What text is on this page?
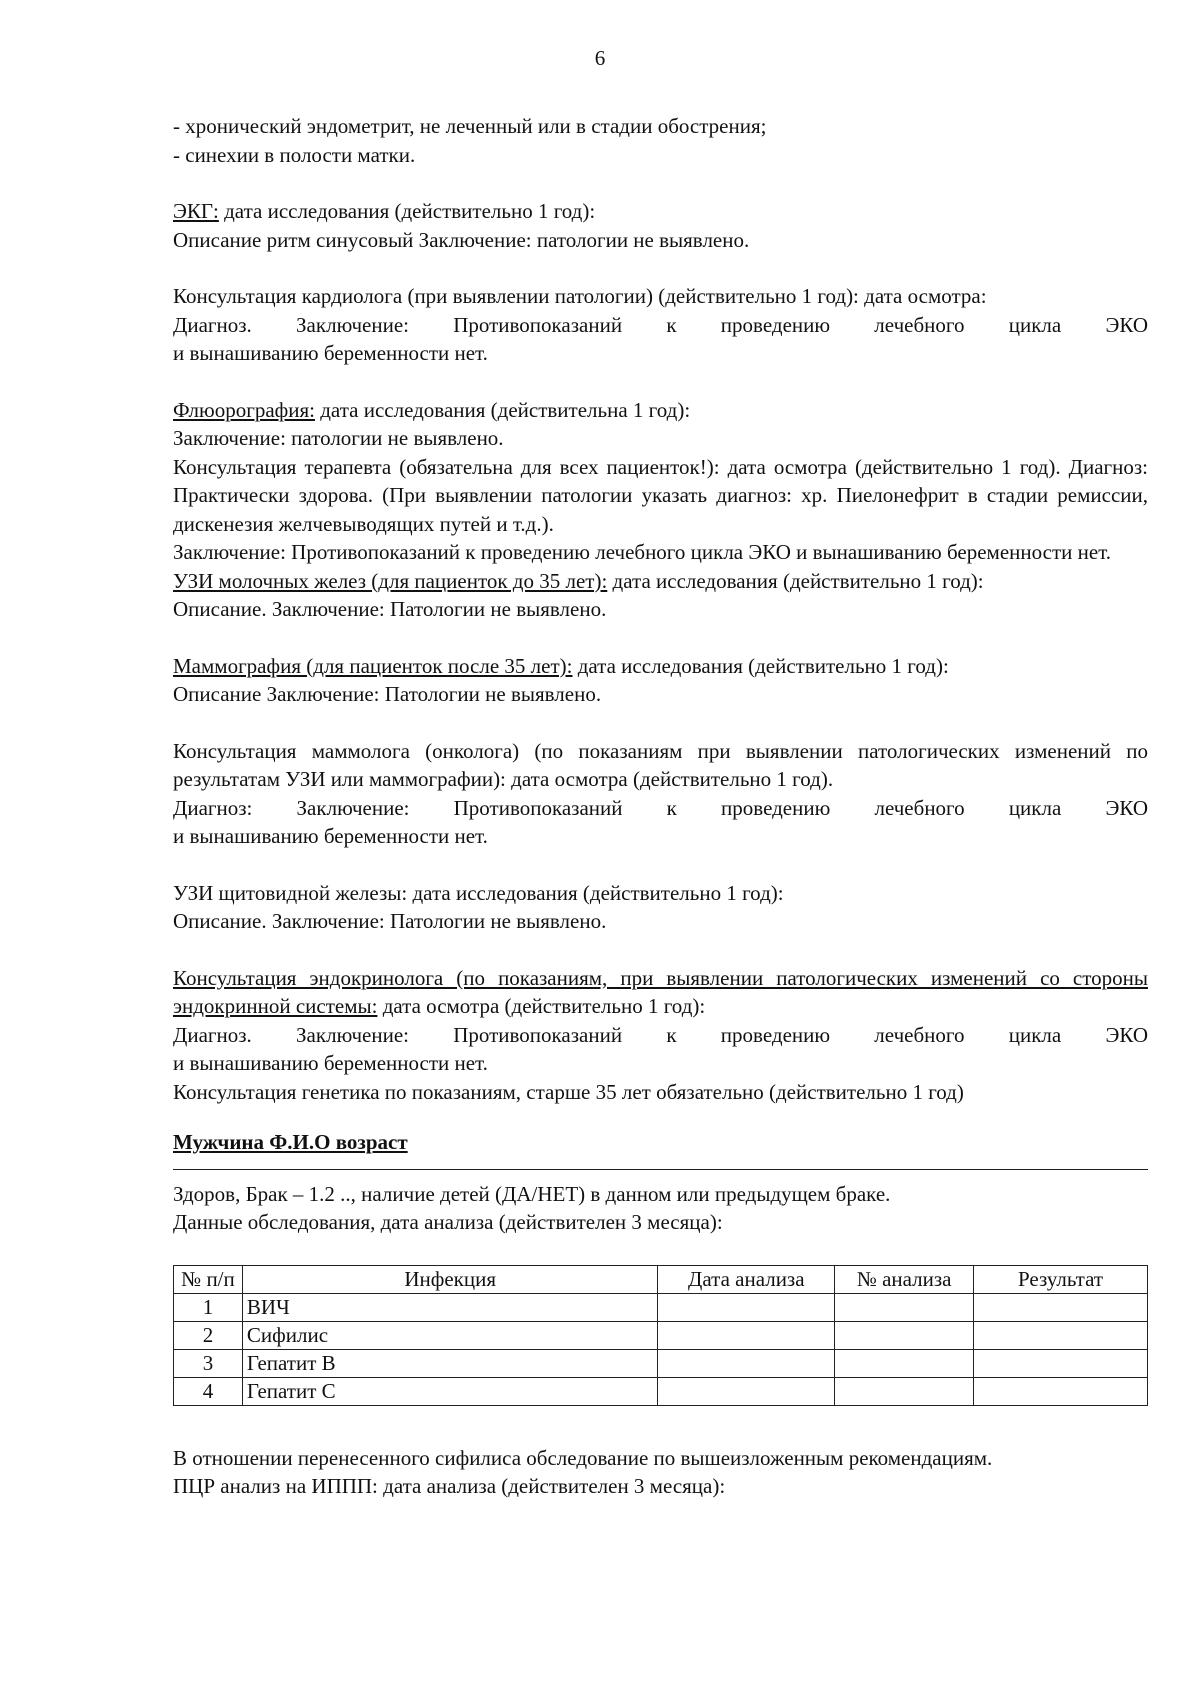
6

- хронический эндометрит, не леченный или в стадии обострения;

- синехии в полости матки.

ЭКГ: дата исследования (действительно 1 год):

Описание ритм синусовый Заключение: патологии не выявлено.

Консультация кардиолога (при выявлении патологии) (действительно 1 год): дата осмотра:

Диагноз. Заключение: Противопоказаний к проведению лечебного цикла ЭКО

и вынашиванию беременности нет.

Флюорография: дата исследования (действительна 1 год):

Заключение: патологии не выявлено.

Консультация терапевта (обязательна для всех пациенток!): дата осмотра (действительно 1 год). Диагноз: Практически здорова. (При выявлении патологии указать диагноз: хр. Пиелонефрит в стадии ремиссии, дискенезия желчевыводящих путей и т.д.).

Заключение: Противопоказаний к проведению лечебного цикла ЭКО и вынашиванию беременности нет.

УЗИ молочных желез (для пациенток до 35 лет): дата исследования (действительно 1 год):

Описание. Заключение: Патологии не выявлено.

Маммография (для пациенток после 35 лет): дата исследования (действительно 1 год):

Описание Заключение: Патологии не выявлено.

Консультация маммолога (онколога) (по показаниям при выявлении патологических изменений по результатам УЗИ или маммографии): дата осмотра (действительно 1 год).

Диагноз: Заключение: Противопоказаний к проведению лечебного цикла ЭКО

и вынашиванию беременности нет.

УЗИ щитовидной железы: дата исследования (действительно 1 год):

Описание. Заключение: Патологии не выявлено.

Консультация эндокринолога (по показаниям, при выявлении патологических изменений со стороны эндокринной системы: дата осмотра (действительно 1 год):

Диагноз. Заключение: Противопоказаний к проведению лечебного цикла ЭКО

и вынашиванию беременности нет.

Консультация генетика по показаниям, старше 35 лет обязательно (действительно 1 год)

Мужчина Ф.И.О возраст

Здоров, Брак – 1.2 .., наличие детей (ДА/НЕТ) в данном или предыдущем браке.

Данные обследования, дата анализа (действителен 3 месяца):

№ п/п	Инфекция	Дата анализа	№ анализа	Результат
1	ВИЧ			
2	Сифилис			
3	Гепатит В			
4	Гепатит С			

В отношении перенесенного сифилиса обследование по вышеизложенным рекомендациям.

ПЦР анализ на ИППП: дата анализа (действителен 3 месяца):
